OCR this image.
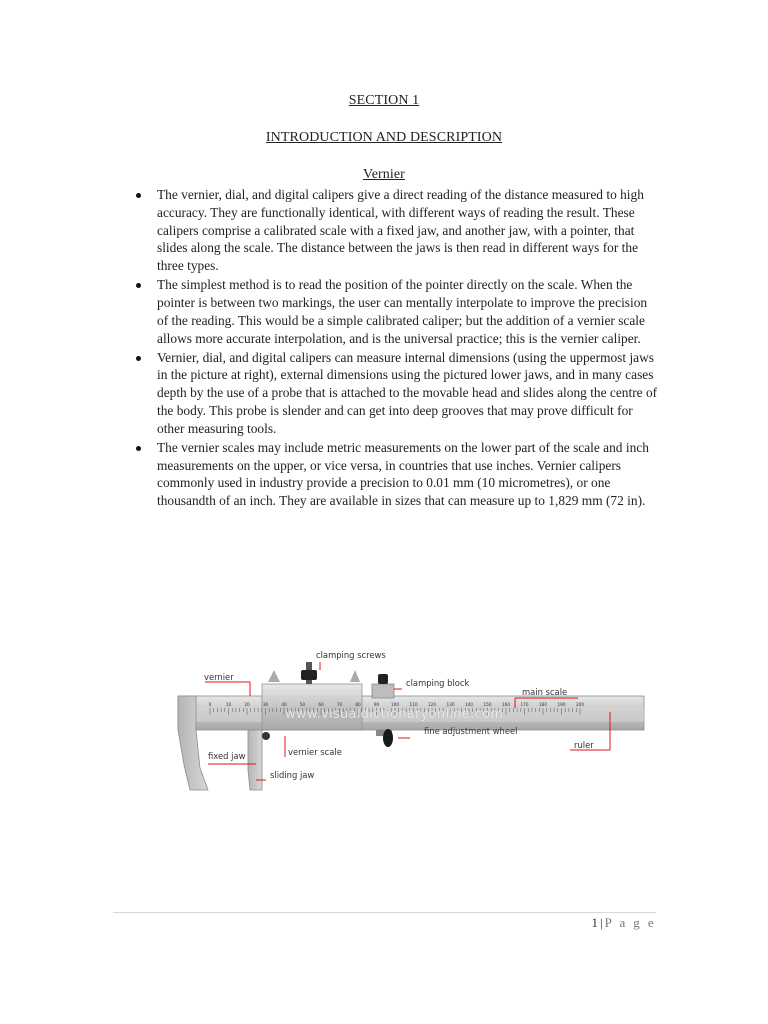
SECTION 1
INTRODUCTION AND DESCRIPTION
Vernier
The vernier, dial, and digital calipers give a direct reading of the distance measured to high accuracy. They are functionally identical, with different ways of reading the result. These calipers comprise a calibrated scale with a fixed jaw, and another jaw, with a pointer, that slides along the scale. The distance between the jaws is then read in different ways for the three types.
The simplest method is to read the position of the pointer directly on the scale. When the pointer is between two markings, the user can mentally interpolate to improve the precision of the reading. This would be a simple calibrated caliper; but the addition of a vernier scale allows more accurate interpolation, and is the universal practice; this is the vernier caliper.
Vernier, dial, and digital calipers can measure internal dimensions (using the uppermost jaws in the picture at right), external dimensions using the pictured lower jaws, and in many cases depth by the use of a probe that is attached to the movable head and slides along the centre of the body. This probe is slender and can get into deep grooves that may prove difficult for other measuring tools.
The vernier scales may include metric measurements on the lower part of the scale and inch measurements on the upper, or vice versa, in countries that use inches. Vernier calipers commonly used in industry provide a precision to 0.01 mm (10 micrometres), or one thousandth of an inch. They are available in sizes that can measure up to 1,829 mm (72 in).
0	10	20	30	40	50	60	70	80	90	100	110	120	130	140	150	160	170	180	190	200
vernier
clamping screws
clamping block
main scale
fine adjustment wheel
ruler
fixed jaw	vernier scale
sliding jaw
www.visualdictionaryonline.com
1 | P a g e
